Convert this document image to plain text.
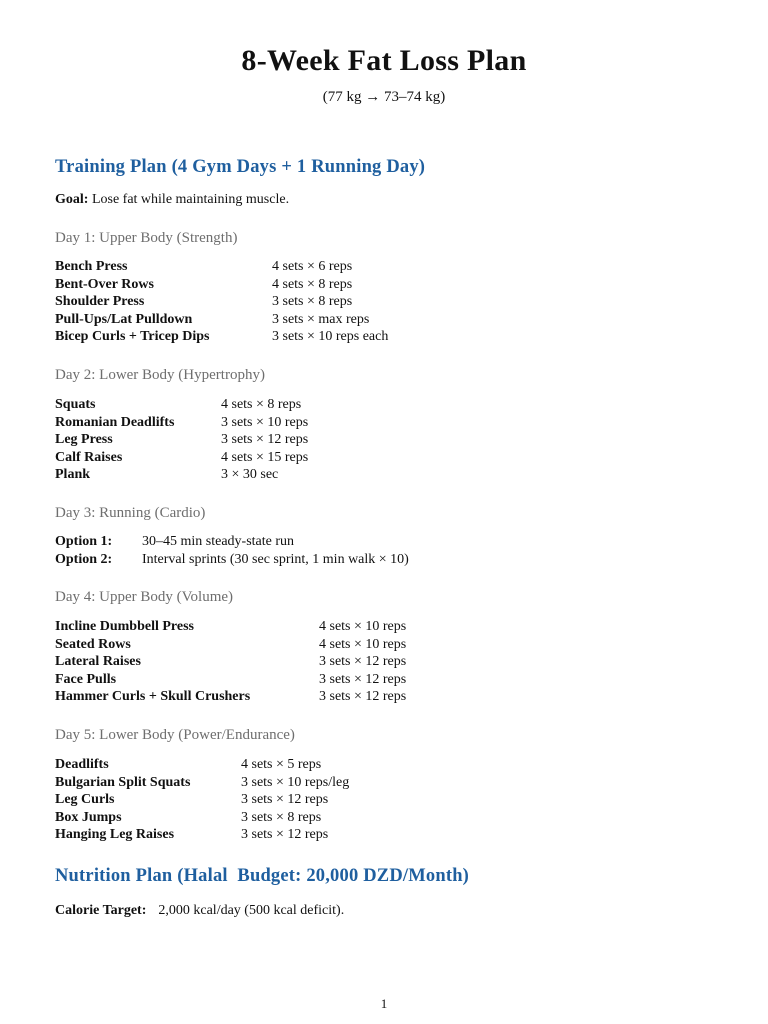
8-Week Fat Loss Plan
(77 kg → 73–74 kg)
Training Plan (4 Gym Days + 1 Running Day)
Goal: Lose fat while maintaining muscle.
Day 1: Upper Body (Strength)
Bench Press	4 sets × 6 reps
Bent-Over Rows	4 sets × 8 reps
Shoulder Press	3 sets × 8 reps
Pull-Ups/Lat Pulldown	3 sets × max reps
Bicep Curls + Tricep Dips	3 sets × 10 reps each
Day 2: Lower Body (Hypertrophy)
Squats	4 sets × 8 reps
Romanian Deadlifts	3 sets × 10 reps
Leg Press	3 sets × 12 reps
Calf Raises	4 sets × 15 reps
Plank	3 × 30 sec
Day 3: Running (Cardio)
Option 1:	30–45 min steady-state run
Option 2:	Interval sprints (30 sec sprint, 1 min walk × 10)
Day 4: Upper Body (Volume)
Incline Dumbbell Press	4 sets × 10 reps
Seated Rows	4 sets × 10 reps
Lateral Raises	3 sets × 12 reps
Face Pulls	3 sets × 12 reps
Hammer Curls + Skull Crushers	3 sets × 12 reps
Day 5: Lower Body (Power/Endurance)
Deadlifts	4 sets × 5 reps
Bulgarian Split Squats	3 sets × 10 reps/leg
Leg Curls	3 sets × 12 reps
Box Jumps	3 sets × 8 reps
Hanging Leg Raises	3 sets × 12 reps
Nutrition Plan (Halal  Budget: 20,000 DZD/Month)
Calorie Target: 2,000 kcal/day (500 kcal deficit).
1
